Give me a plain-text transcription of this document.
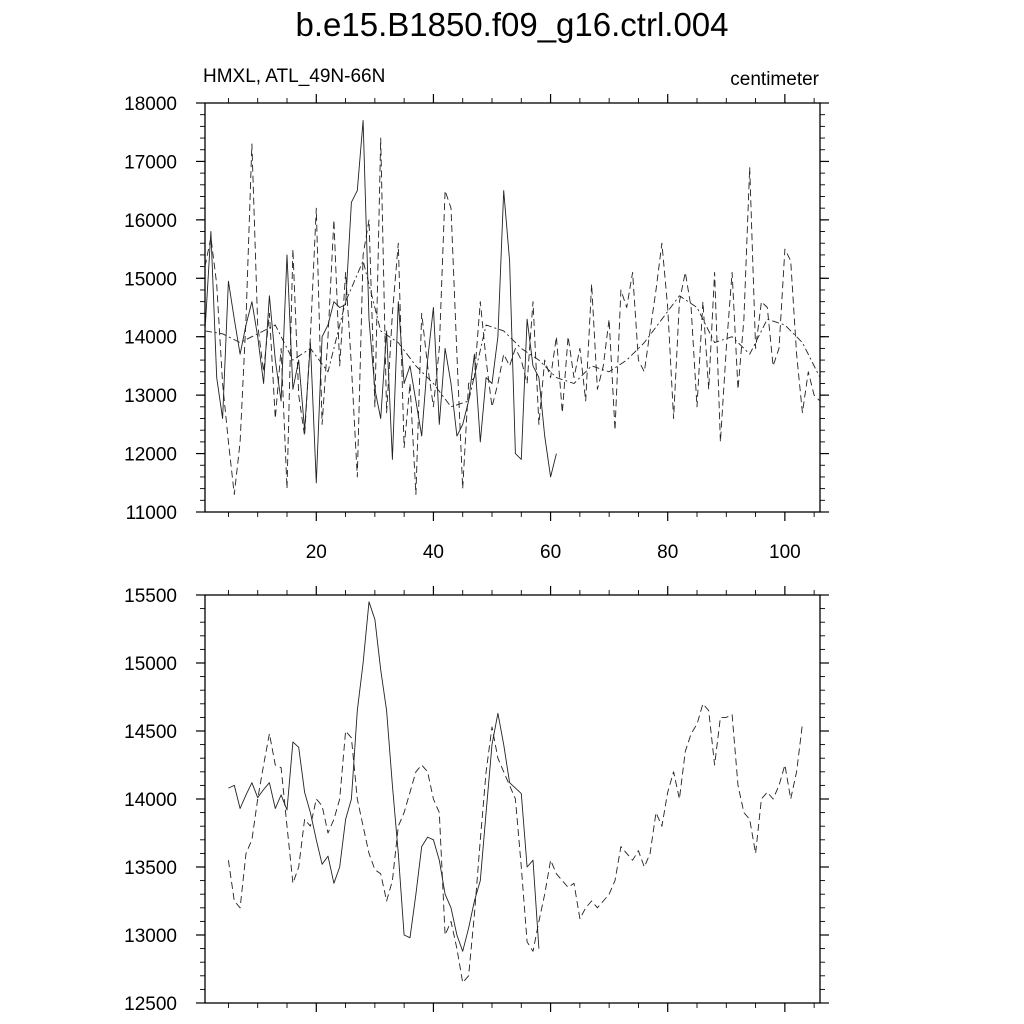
b.e15.B1850.f09_g16.ctrl.004
HMXL, ATL_49N-66N	centimeter
11000
12000
13000
14000
15000
16000
17000
18000
20	40	60	80	100
12500
13000
13500
14000
14500
15000
15500
